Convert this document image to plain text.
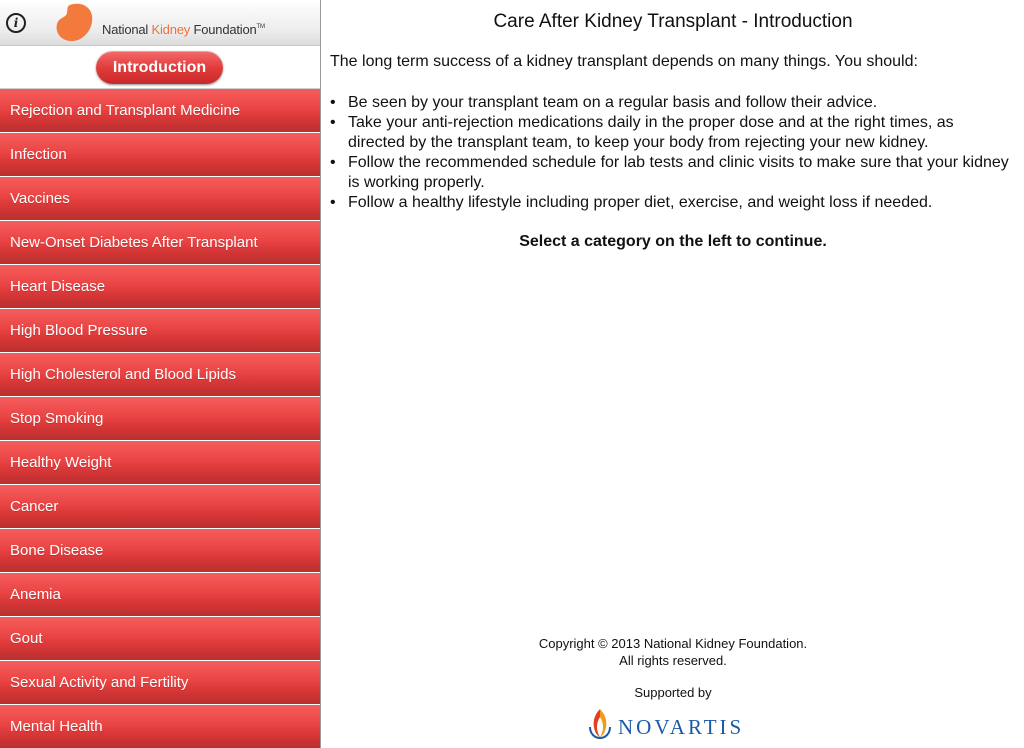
i	National Kidney Foundation™
Introduction
Rejection and Transplant Medicine
Infection
Vaccines
New-Onset Diabetes After Transplant
Heart Disease
High Blood Pressure
High Cholesterol and Blood Lipids
Stop Smoking
Healthy Weight
Cancer
Bone Disease
Anemia
Gout
Sexual Activity and Fertility
Mental Health
Care After Kidney Transplant - Introduction
The long term success of a kidney transplant depends on many things. You should:
• Be seen by your transplant team on a regular basis and follow their advice.
• Take your anti-rejection medications daily in the proper dose and at the right times, as directed by the transplant team, to keep your body from rejecting your new kidney.
• Follow the recommended schedule for lab tests and clinic visits to make sure that your kidney is working properly.
• Follow a healthy lifestyle including proper diet, exercise, and weight loss if needed.
Select a category on the left to continue.
Copyright © 2013 National Kidney Foundation.
All rights reserved.
Supported by
NOVARTIS
